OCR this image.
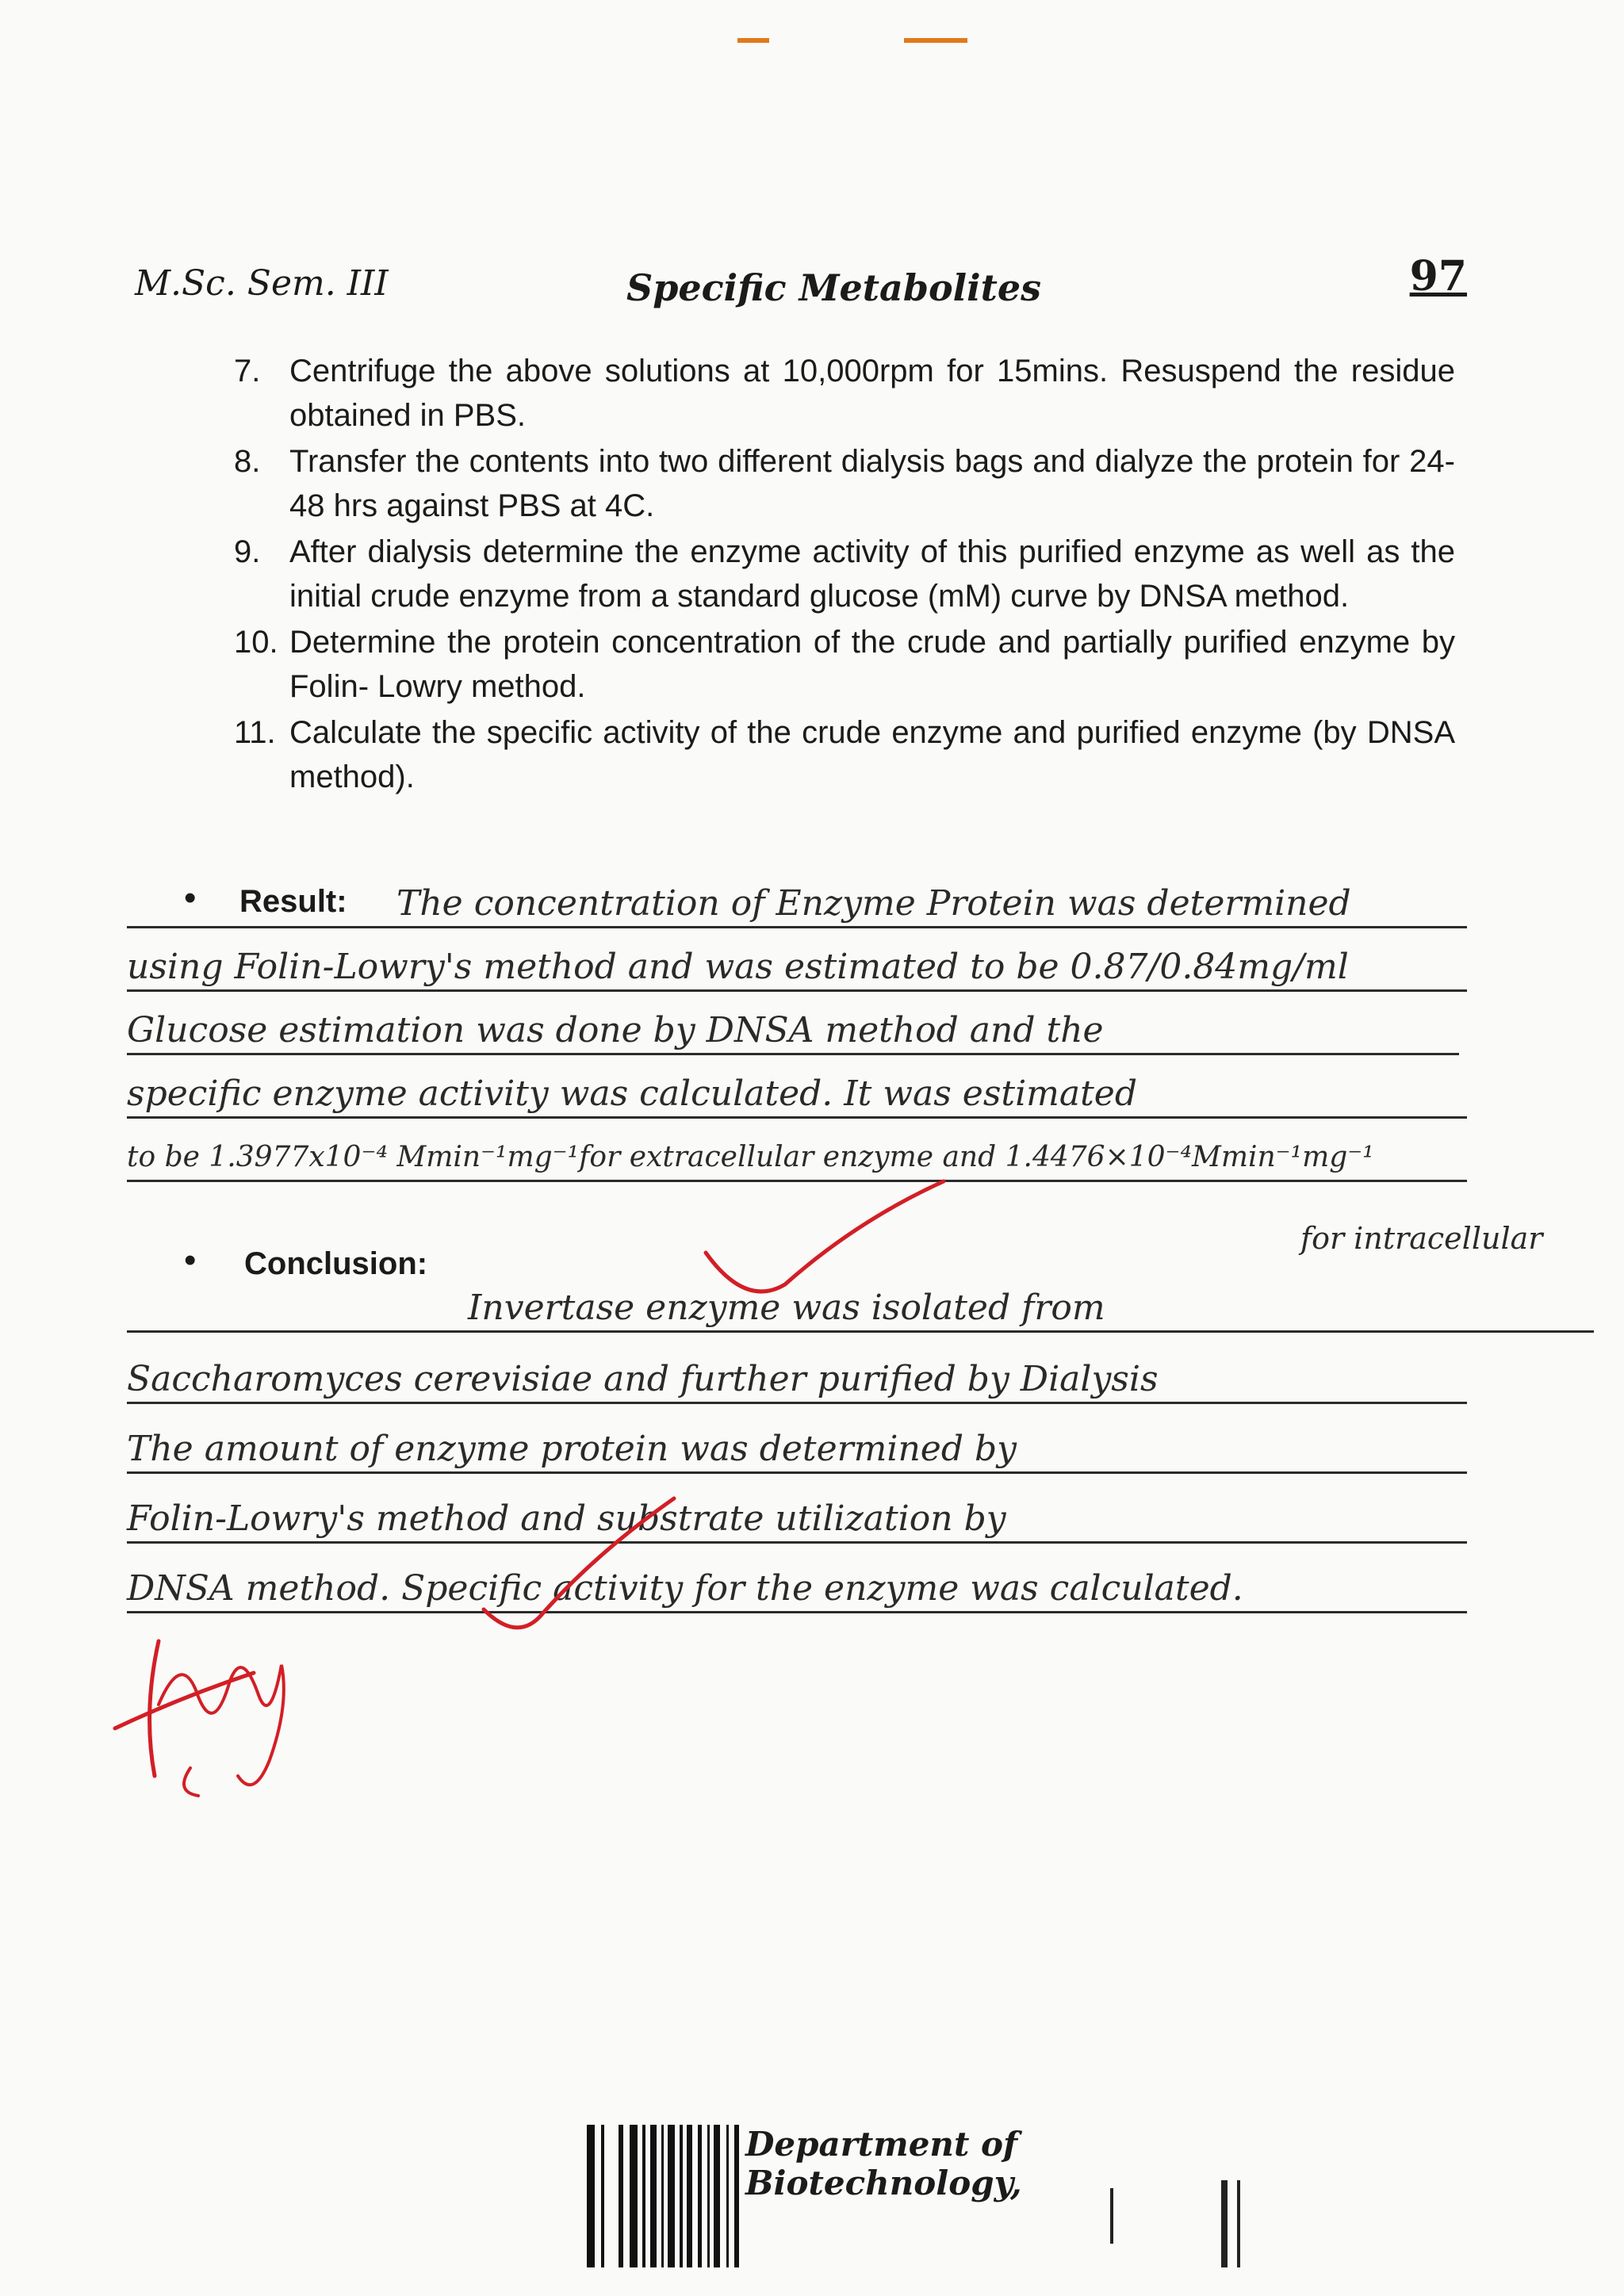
M.Sc. Sem. III	Specific Metabolites	97
7. Centrifuge the above solutions at 10,000rpm for 15mins. Resuspend the residue obtained in PBS.
8. Transfer the contents into two different dialysis bags and dialyze the protein for 24-48 hrs against PBS at 4C.
9. After dialysis determine the enzyme activity of this purified enzyme as well as the initial crude enzyme from a standard glucose (mM) curve by DNSA method.
10. Determine the protein concentration of the crude and partially purified enzyme by Folin- Lowry method.
11. Calculate the specific activity of the crude enzyme and purified enzyme (by DNSA method).
• Result:	The concentration of Enzyme Protein was determined
using Folin-Lowry's method and was estimated to be 0.87/0.84mg/ml
Glucose estimation was done by DNSA method and the
specific enzyme activity was calculated. It was estimated
to be 1.3977x10⁻⁴ Mmin⁻¹mg⁻¹for extracellular enzyme and 1.4476×10⁻⁴Mmin⁻¹mg⁻¹
for intracellular
• Conclusion:
Invertase enzyme was isolated from
Saccharomyces cerevisiae and further purified by Dialysis
The amount of enzyme protein was determined by
Folin-Lowry's method and substrate utilization by
DNSA method. Specific activity for the enzyme was calculated.
Department of Biotechnology,
